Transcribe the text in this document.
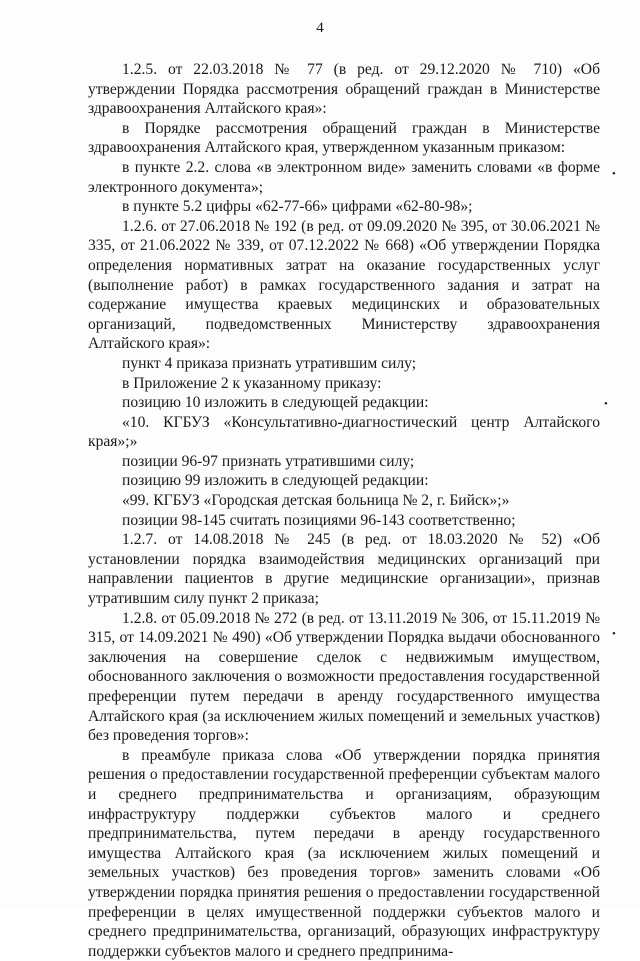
4

1.2.5. от 22.03.2018 № 77 (в ред. от 29.12.2020 № 710) «Об утверждении Порядка рассмотрения обращений граждан в Министерстве здравоохранения Алтайского края»:

в Порядке рассмотрения обращений граждан в Министерстве здравоохранения Алтайского края, утвержденном указанным приказом:

в пункте 2.2. слова «в электронном виде» заменить словами «в форме электронного документа»;

в пункте 5.2 цифры «62-77-66» цифрами «62-80-98»;

1.2.6. от 27.06.2018 № 192 (в ред. от 09.09.2020 № 395, от 30.06.2021 № 335, от 21.06.2022 № 339, от 07.12.2022 № 668) «Об утверждении Порядка определения нормативных затрат на оказание государственных услуг (выполнение работ) в рамках государственного задания и затрат на содержание имущества краевых медицинских и образовательных организаций, подведомственных Министерству здравоохранения Алтайского края»:

пункт 4 приказа признать утратившим силу;

в Приложение 2 к указанному приказу:

позицию 10 изложить в следующей редакции:

«10. КГБУЗ «Консультативно-диагностический центр Алтайского края»;»

позиции 96-97 признать утратившими силу;

позицию 99 изложить в следующей редакции:

«99. КГБУЗ «Городская детская больница № 2, г. Бийск»;»

позиции 98-145 считать позициями 96-143 соответственно;

1.2.7. от 14.08.2018 № 245 (в ред. от 18.03.2020 № 52) «Об установлении порядка взаимодействия медицинских организаций при направлении пациентов в другие медицинские организации», признав утратившим силу пункт 2 приказа;

1.2.8. от 05.09.2018 № 272 (в ред. от 13.11.2019 № 306, от 15.11.2019 № 315, от 14.09.2021 № 490) «Об утверждении Порядка выдачи обоснованного заключения на совершение сделок с недвижимым имуществом, обоснованного заключения о возможности предоставления государственной преференции путем передачи в аренду государственного имущества Алтайского края (за исключением жилых помещений и земельных участков) без проведения торгов»:

в преамбуле приказа слова «Об утверждении порядка принятия решения о предоставлении государственной преференции субъектам малого и среднего предпринимательства и организациям, образующим инфраструктуру поддержки субъектов малого и среднего предпринимательства, путем передачи в аренду государственного имущества Алтайского края (за исключением жилых помещений и земельных участков) без проведения торгов» заменить словами «Об утверждении порядка принятия решения о предоставлении государственной преференции в целях имущественной поддержки субъектов малого и среднего предпринимательства, организаций, образующих инфраструктуру поддержки субъектов малого и среднего предпринима-

•
•
•
